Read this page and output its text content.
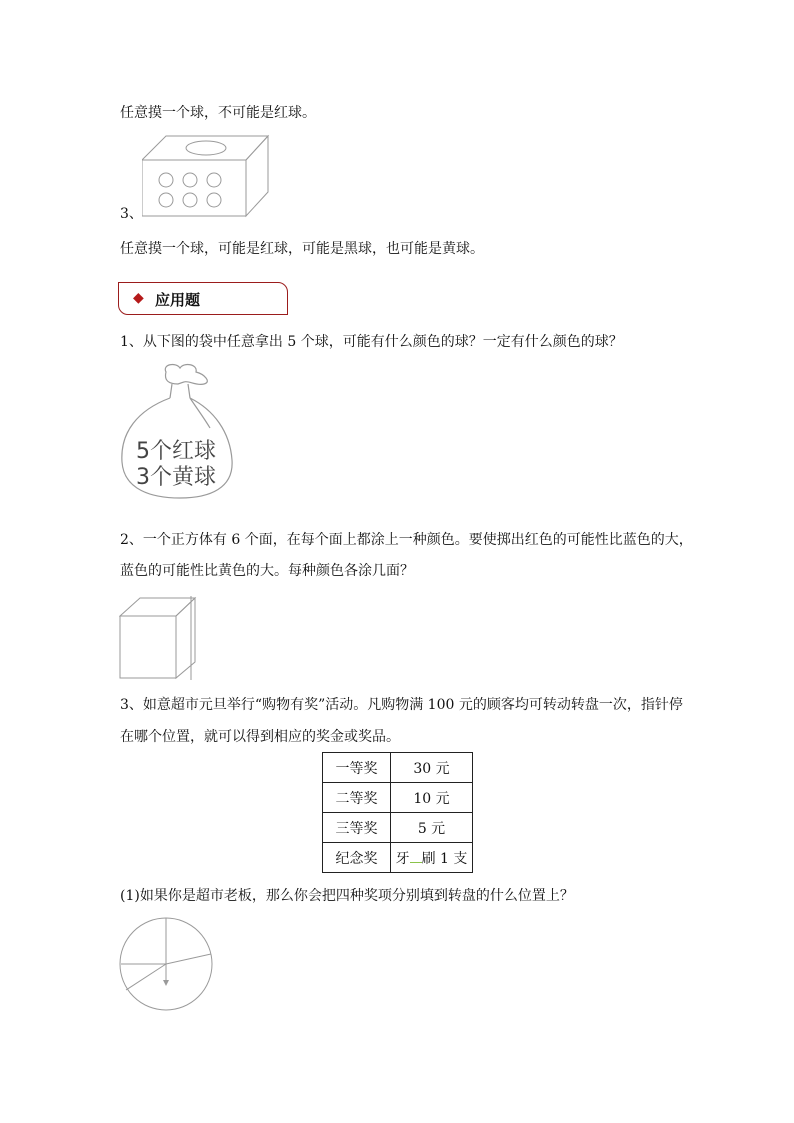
任意摸一个球，不可能是红球。
3、
任意摸一个球，可能是红球，可能是黑球，也可能是黄球。
◆ 应用题
1、从下图的袋中任意拿出 5 个球，可能有什么颜色的球？一定有什么颜色的球？
5个红球
3个黄球
2、一个正方体有 6 个面，在每个面上都涂上一种颜色。要使掷出红色的可能性比蓝色的大，
蓝色的可能性比黄色的大。每种颜色各涂几面？
3、如意超市元旦举行“购物有奖”活动。凡购物满 100 元的顾客均可转动转盘一次，指针停
在哪个位置，就可以得到相应的奖金或奖品。
一等奖	30 元
二等奖	10 元
三等奖	5 元
纪念奖	牙 刷 1 支
(1)如果你是超市老板，那么你会把四种奖项分别填到转盘的什么位置上？
